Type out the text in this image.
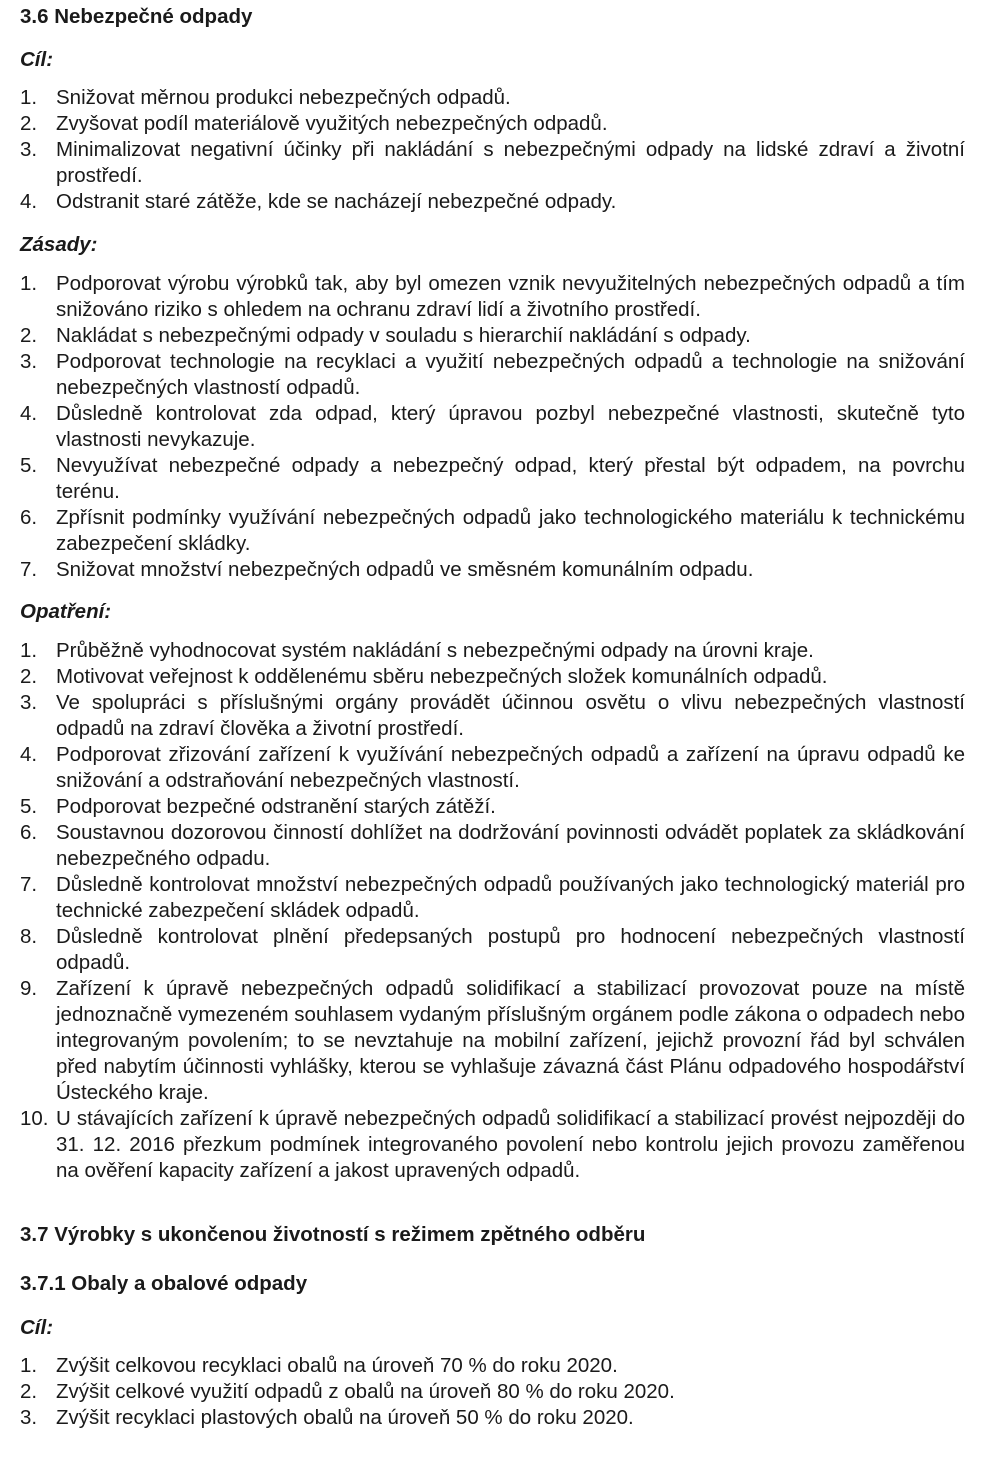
3.6 Nebezpečné odpady
Cíl:
1. Snižovat měrnou produkci nebezpečných odpadů.
2. Zvyšovat podíl materiálově využitých nebezpečných odpadů.
3. Minimalizovat negativní účinky při nakládání s nebezpečnými odpady na lidské zdraví a životní prostředí.
4. Odstranit staré zátěže, kde se nacházejí nebezpečné odpady.
Zásady:
1. Podporovat výrobu výrobků tak, aby byl omezen vznik nevyužitelných nebezpečných odpadů a tím snižováno riziko s ohledem na ochranu zdraví lidí a životního prostředí.
2. Nakládat s nebezpečnými odpady v souladu s hierarchií nakládání s odpady.
3. Podporovat technologie na recyklaci a využití nebezpečných odpadů a technologie na snižování nebezpečných vlastností odpadů.
4. Důsledně kontrolovat zda odpad, který úpravou pozbyl nebezpečné vlastnosti, skutečně tyto vlastnosti nevykazuje.
5. Nevyužívat nebezpečné odpady a nebezpečný odpad, který přestal být odpadem, na povrchu terénu.
6. Zpřísnit podmínky využívání nebezpečných odpadů jako technologického materiálu k technickému zabezpečení skládky.
7. Snižovat množství nebezpečných odpadů ve směsném komunálním odpadu.
Opatření:
1. Průběžně vyhodnocovat systém nakládání s nebezpečnými odpady na úrovni kraje.
2. Motivovat veřejnost k oddělenému sběru nebezpečných složek komunálních odpadů.
3. Ve spolupráci s příslušnými orgány provádět účinnou osvětu o vlivu nebezpečných vlastností odpadů na zdraví člověka a životní prostředí.
4. Podporovat zřizování zařízení k využívání nebezpečných odpadů a zařízení na úpravu odpadů ke snižování a odstraňování nebezpečných vlastností.
5. Podporovat bezpečné odstranění starých zátěží.
6. Soustavnou dozorovou činností dohlížet na dodržování povinnosti odvádět poplatek za skládkování nebezpečného odpadu.
7. Důsledně kontrolovat množství nebezpečných odpadů používaných jako technologický materiál pro technické zabezpečení skládek odpadů.
8. Důsledně kontrolovat plnění předepsaných postupů pro hodnocení nebezpečných vlastností odpadů.
9. Zařízení k úpravě nebezpečných odpadů solidifikací a stabilizací provozovat pouze na místě jednoznačně vymezeném souhlasem vydaným příslušným orgánem podle zákona o odpadech nebo integrovaným povolením; to se nevztahuje na mobilní zařízení, jejichž provozní řád byl schválen před nabytím účinnosti vyhlášky, kterou se vyhlašuje závazná část Plánu odpadového hospodářství Ústeckého kraje.
10. U stávajících zařízení k úpravě nebezpečných odpadů solidifikací a stabilizací provést nejpozději do 31. 12. 2016 přezkum podmínek integrovaného povolení nebo kontrolu jejich provozu zaměřenou na ověření kapacity zařízení a jakost upravených odpadů.
3.7 Výrobky s ukončenou životností s režimem zpětného odběru
3.7.1 Obaly a obalové odpady
Cíl:
1. Zvýšit celkovou recyklaci obalů na úroveň 70 % do roku 2020.
2. Zvýšit celkové využití odpadů z obalů na úroveň 80 % do roku 2020.
3. Zvýšit recyklaci plastových obalů na úroveň 50 % do roku 2020.
